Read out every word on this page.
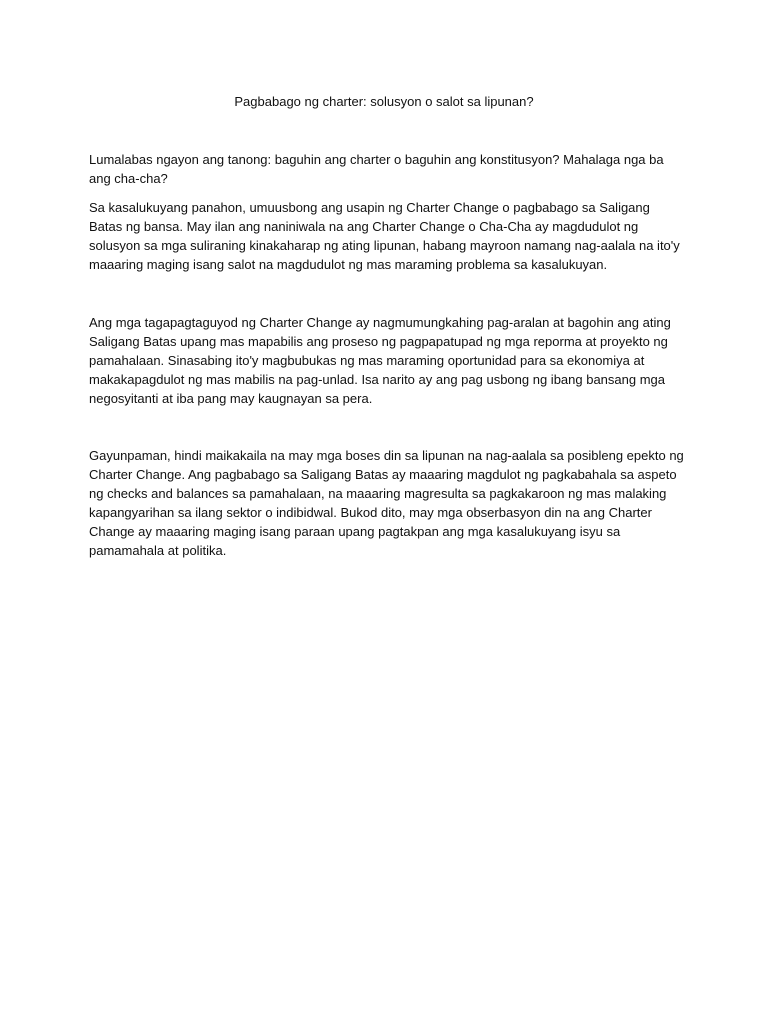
Pagbabago ng charter: solusyon o salot sa lipunan?

Lumalabas ngayon ang tanong: baguhin ang charter o baguhin ang konstitusyon? Mahalaga nga ba ang cha-cha?

Sa kasalukuyang panahon, umuusbong ang usapin ng Charter Change o pagbabago sa Saligang Batas ng bansa. May ilan ang naniniwala na ang Charter Change o Cha-Cha ay magdudulot ng solusyon sa mga suliraning kinakaharap ng ating lipunan, habang mayroon namang nag-aalala na ito'y maaaring maging isang salot na magdudulot ng mas maraming problema sa kasalukuyan.

Ang mga tagapagtaguyod ng Charter Change ay nagmumungkahing pag-aralan at bagohin ang ating Saligang Batas upang mas mapabilis ang proseso ng pagpapatupad ng mga reporma at proyekto ng pamahalaan. Sinasabing ito'y magbubukas ng mas maraming oportunidad para sa ekonomiya at makakapagdulot ng mas mabilis na pag-unlad. Isa narito ay ang pag usbong ng ibang bansang mga negosyitanti at iba pang may kaugnayan sa pera.

Gayunpaman, hindi maikakaila na may mga boses din sa lipunan na nag-aalala sa posibleng epekto ng Charter Change. Ang pagbabago sa Saligang Batas ay maaaring magdulot ng pagkabahala sa aspeto ng checks and balances sa pamahalaan, na maaaring magresulta sa pagkakaroon ng mas malaking kapangyarihan sa ilang sektor o indibidwal. Bukod dito, may mga obserbasyon din na ang Charter Change ay maaaring maging isang paraan upang pagtakpan ang mga kasalukuyang isyu sa pamamahala at politika.
